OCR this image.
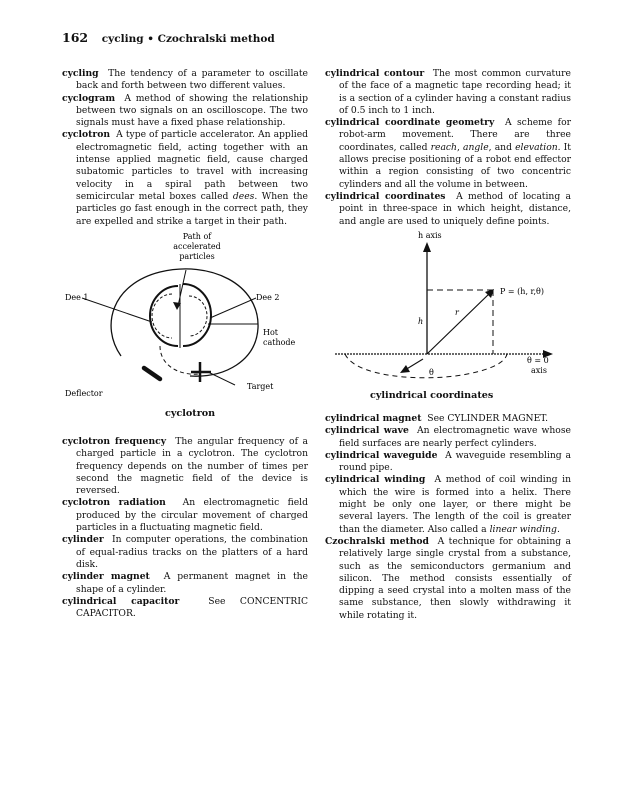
162 cycling • Czochralski method

cycling The tendency of a parameter to oscillate back and forth between two different values.

cyclogram A method of showing the relationship between two signals on an oscilloscope. The two signals must have a fixed phase relationship.

cyclotron A type of particle accelerator. An applied electromagnetic field, acting together with an intense applied magnetic field, cause charged subatomic particles to travel with increasing velocity in a spiral path between two semicircular metal boxes called dees. When the particles go fast enough in the correct path, they are expelled and strike a target in their path.

cylindrical contour The most common curvature of the face of a magnetic tape recording head; it is a section of a cylinder having a constant radius of 0.5 inch to 1 inch.

cylindrical coordinate geometry A scheme for robot-arm movement. There are three coordinates, called reach, angle, and elevation. It allows precise positioning of a robot end effector within a region consisting of two concentric cylinders and all the volume in between.

cylindrical coordinates A method of locating a point in three-space in which height, distance, and angle are used to uniquely define points.

Path of
accelerated
particles
Dee 1	Dee 2
Hot
cathode
Deflector
Target
cyclotron
h axis
P = (h, r,θ)
h
r
θ
θ = 0
axis
cylindrical coordinates

cyclotron frequency The angular frequency of a charged particle in a cyclotron. The cyclotron frequency depends on the number of times per second the magnetic field of the device is reversed.

cyclotron radiation An electromagnetic field produced by the circular movement of charged particles in a fluctuating magnetic field.

cylinder In computer operations, the combination of equal-radius tracks on the platters of a hard disk.

cylinder magnet A permanent magnet in the shape of a cylinder.

cylindrical capacitor	See CONCENTRIC CAPACITOR.

cylindrical magnet See CYLINDER MAGNET.

cylindrical wave An electromagnetic wave whose field surfaces are nearly perfect cylinders.

cylindrical waveguide A waveguide resembling a round pipe.

cylindrical winding A method of coil winding in which the wire is formed into a helix. There might be only one layer, or there might be several layers. The length of the coil is greater than the diameter. Also called a linear winding.

Czochralski method A technique for obtaining a relatively large single crystal from a substance, such as the semiconductors germanium and silicon. The method consists essentially of dipping a seed crystal into a molten mass of the same substance, then slowly withdrawing it while rotating it.
